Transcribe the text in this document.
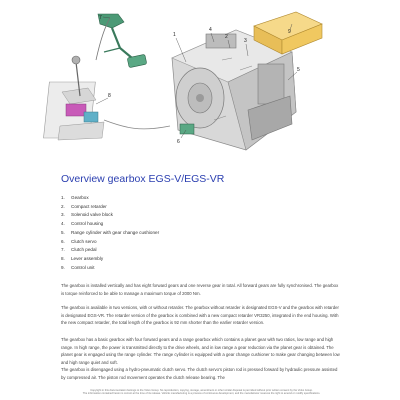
1	2
3
4
5
6
7
8
9
Overview gearbox EGS-V/EGS-VR
1.	Gearbox
2.	Compact retarder
3.	Solenoid valve block
4.	Control housing
5.	Range cylinder with gear change cushioner
6.	Clutch servo
7.	Clutch pedal
8.	Lever assembly
9.	Control unit

The gearbox is installed vertically and has eight forward gears and one reverse gear in total. All forward gears are fully synchronised. The gearbox is torque reinforced to be able to manage a maximum torque of 2000 Nm.

The gearbox is available in two versions, with or without retarder. The gearbox without retarder is designated EGS-V and the gearbox with retarder is designated EGS-VR. The retarder version of the gearbox is combined with a new compact retarder VR3250, integrated in the end housing. With the new compact retarder, the total length of the gearbox is 92 mm shorter than the earlier retarder version.

The gearbox has a basic gearbox with four forward gears and a range gearbox which contains a planet gear with two ratios, low range and high range. In high range, the power is transmitted directly to the drive wheels, and in low range a gear reduction via the planet gear is obtained. The planet gear is engaged using the range cylinder. The range cylinder is equipped with a gear change cushioner to make gear changing between low and high range quiet and soft.

The gearbox is disengaged using a hydro-pneumatic clutch servo. The clutch servo's piston rod is pressed forward by hydraulic pressure assisted by compressed air. The piston rod movement operates the clutch release bearing. The

Copyright in this documentation belongs to the Volvo Group. No reproduction, copying, storage, amendment or other similar disposal is permitted without prior written consent by the Volvo Group.
The information contained herein is correct at the time of its release. Vehicle manufacturing is a process of continuous development, and the manufacturer reserves the right to amend or modify specifications.
